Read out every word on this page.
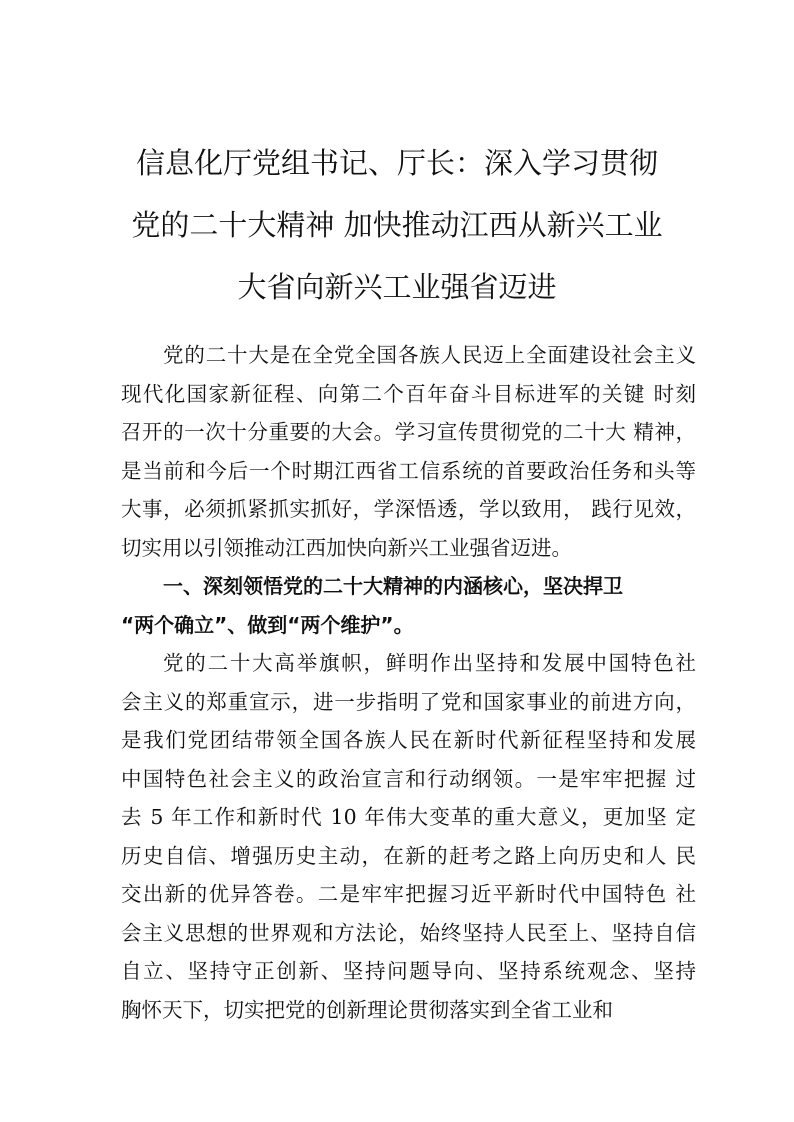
信息化厅党组书记、厅长：深入学习贯彻
党的二十大精神 加快推动江西从新兴工业
大省向新兴工业强省迈进
党的二十大是在全党全国各族人民迈上全面建设社会主义
现代化国家新征程、向第二个百年奋斗目标进军的关键 时刻
召开的一次十分重要的大会。学习宣传贯彻党的二十大 精神，
是当前和今后一个时期江西省工信系统的首要政治任务和头等
大事，必须抓紧抓实抓好，学深悟透，学以致用， 践行见效，
切实用以引领推动江西加快向新兴工业强省迈进。
一、深刻领悟党的二十大精神的内涵核心，坚决捍卫
“两个确立”、做到“两个维护”。
党的二十大高举旗帜，鲜明作出坚持和发展中国特色社
会主义的郑重宣示，进一步指明了党和国家事业的前进方向，
是我们党团结带领全国各族人民在新时代新征程坚持和发展
中国特色社会主义的政治宣言和行动纲领。一是牢牢把握 过
去 5 年工作和新时代 10 年伟大变革的重大意义，更加坚 定
历史自信、增强历史主动，在新的赶考之路上向历史和人 民
交出新的优异答卷。二是牢牢把握习近平新时代中国特色 社
会主义思想的世界观和方法论，始终坚持人民至上、坚持自信
自立、坚持守正创新、坚持问题导向、坚持系统观念、坚持
胸怀天下，切实把党的创新理论贯彻落实到全省工业和
